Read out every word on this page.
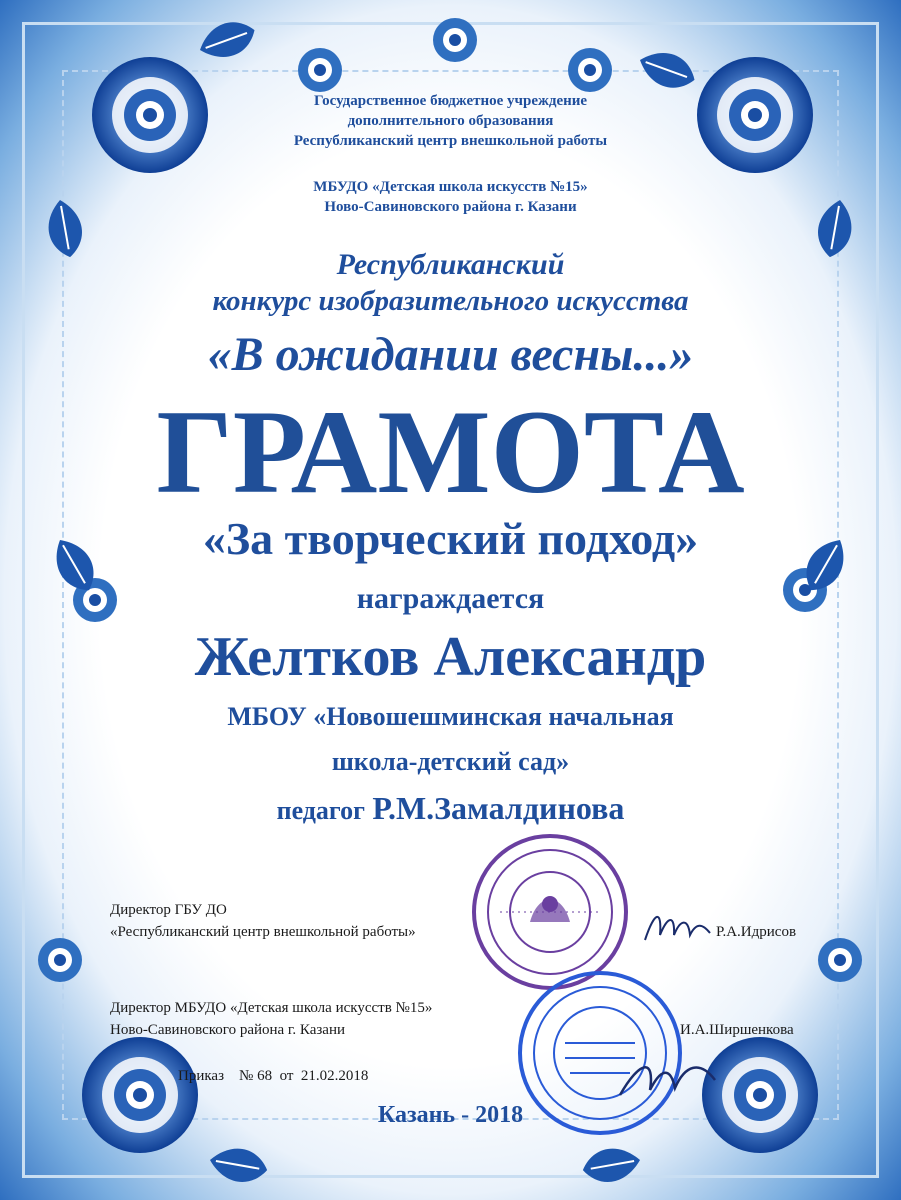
Государственное бюджетное учреждение
дополнительного образования
Республиканский центр внешкольной работы
МБУДО «Детская школа искусств №15»
Ново-Савиновского района г. Казани
Республиканский
конкурс изобразительного искусства
«В ожидании весны...»
ГРАМОТА
«За творческий подход»
награждается
Желтков Александр
МБОУ «Новошешминская начальная
школа-детский сад»
педагог Р.М.Замалдинова
Директор ГБУ ДО
«Республиканский центр внешкольной работы»	Р.А.Идрисов
Директор МБУДО «Детская школа искусств №15»
Ново-Савиновского района г. Казани	И.А.Ширшенкова
Приказ    № 68  от  21.02.2018
Казань - 2018
